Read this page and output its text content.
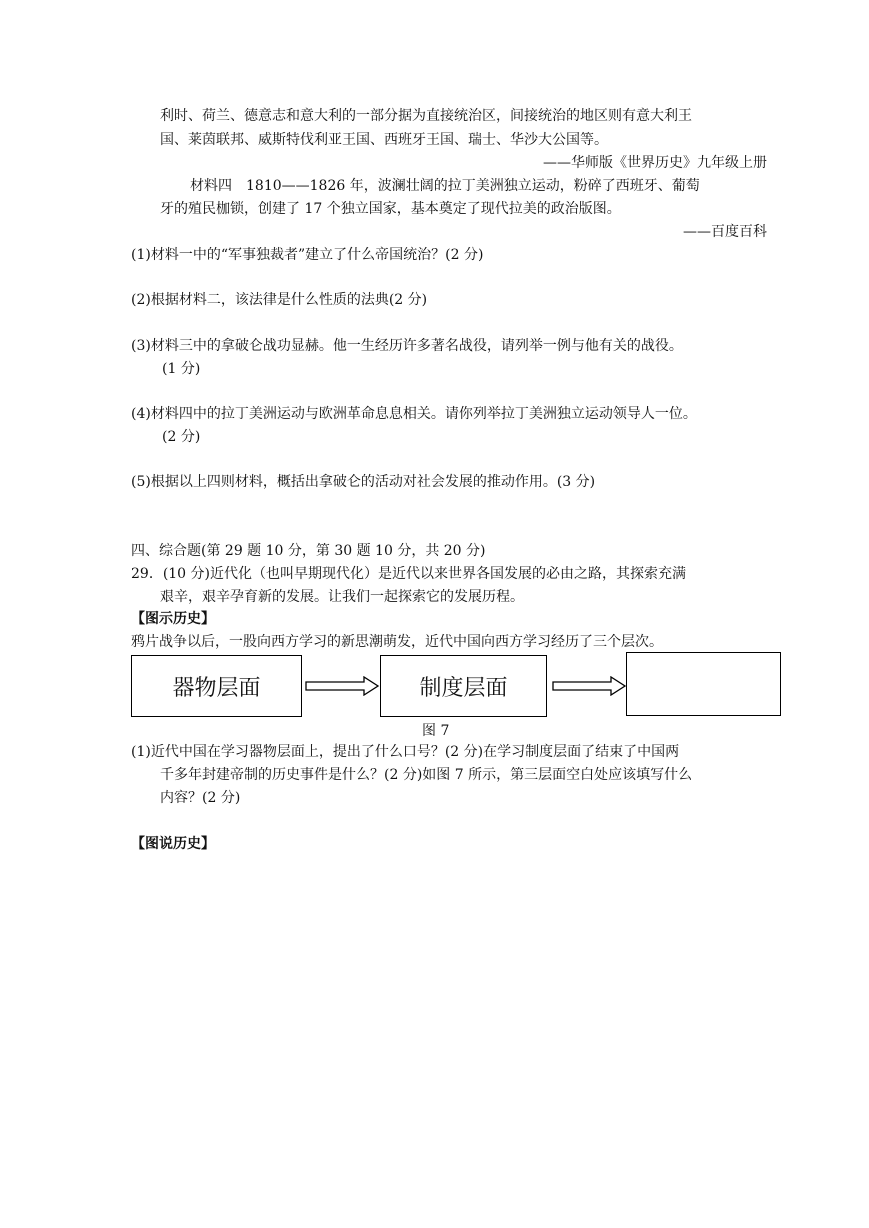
利时、荷兰、德意志和意大利的一部分据为直接统治区，间接统治的地区则有意大利王
国、莱茵联邦、威斯特伐利亚王国、西班牙王国、瑞士、华沙大公国等。
——华师版《世界历史》九年级上册
材料四　1810——1826 年，波澜壮阔的拉丁美洲独立运动，粉碎了西班牙、葡萄
牙的殖民枷锁，创建了 17 个独立国家，基本奠定了现代拉美的政治版图。
——百度百科
(1)材料一中的“军事独裁者”建立了什么帝国统治？(2 分)
(2)根据材料二，该法律是什么性质的法典(2 分)
(3)材料三中的拿破仑战功显赫。他一生经历许多著名战役，请列举一例与他有关的战役。
(1 分)
(4)材料四中的拉丁美洲运动与欧洲革命息息相关。请你列举拉丁美洲独立运动领导人一位。
(2 分)
(5)根据以上四则材料，概括出拿破仑的活动对社会发展的推动作用。(3 分)
四、综合题(第 29 题 10 分，第 30 题 10 分，共 20 分)
29．(10 分)近代化（也叫早期现代化）是近代以来世界各国发展的必由之路，其探索充满
艰辛，艰辛孕育新的发展。让我们一起探索它的发展历程。
【图示历史】
鸦片战争以后，一股向西方学习的新思潮萌发，近代中国向西方学习经历了三个层次。
器物层面	制度层面
图 7
(1)近代中国在学习器物层面上，提出了什么口号？(2 分)在学习制度层面了结束了中国两
千多年封建帝制的历史事件是什么？(2 分)如图 7 所示，第三层面空白处应该填写什么
内容？(2 分)
【图说历史】
